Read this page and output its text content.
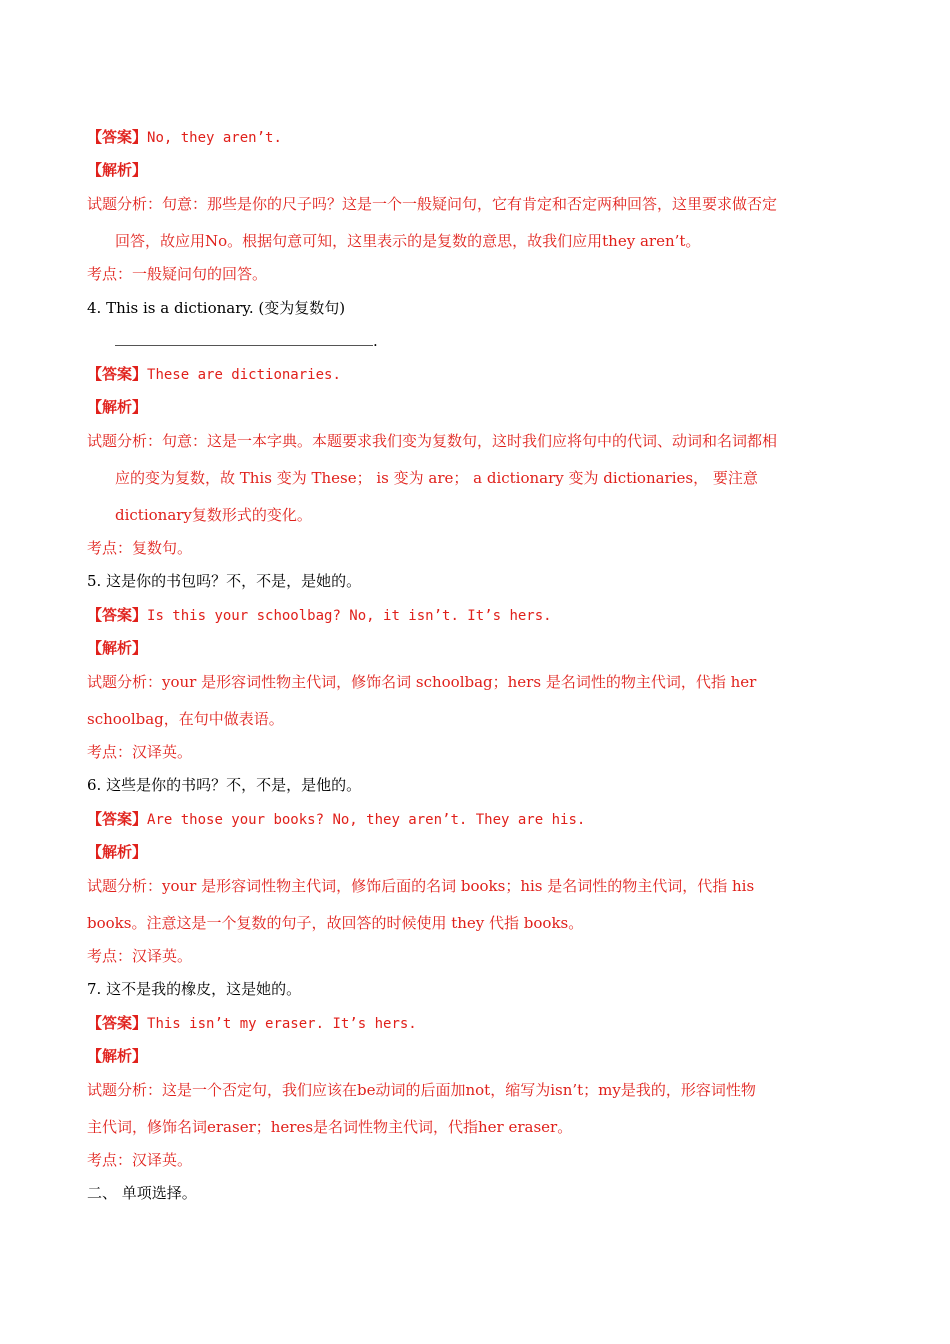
【答案】No, they aren’t.
【解析】
试题分析：句意：那些是你的尺子吗？这是一个一般疑问句，它有肯定和否定两种回答，这里要求做否定
回答，故应用No。根据句意可知，这里表示的是复数的意思，故我们应用they aren’t。
考点：一般疑问句的回答。
4. This is a dictionary. (变为复数句)
.
【答案】These are dictionaries.
【解析】
试题分析：句意：这是一本字典。本题要求我们变为复数句，这时我们应将句中的代词、动词和名词都相
应的变为复数，故 This 变为 These； is 变为 are； a dictionary 变为 dictionaries， 要注意
dictionary复数形式的变化。
考点：复数句。
5. 这是你的书包吗？不，不是，是她的。
【答案】Is this your schoolbag? No, it isn’t. It’s hers.
【解析】
试题分析：your 是形容词性物主代词，修饰名词 schoolbag；hers 是名词性的物主代词，代指 her
schoolbag，在句中做表语。
考点：汉译英。
6. 这些是你的书吗？不，不是，是他的。
【答案】Are those your books? No, they aren’t. They are his.
【解析】
试题分析：your 是形容词性物主代词，修饰后面的名词 books；his 是名词性的物主代词，代指 his
books。注意这是一个复数的句子，故回答的时候使用 they 代指 books。
考点：汉译英。
7. 这不是我的橡皮，这是她的。
【答案】This isn’t my eraser. It’s hers.
【解析】
试题分析：这是一个否定句，我们应该在be动词的后面加not，缩写为isn’t；my是我的，形容词性物
主代词，修饰名词eraser；heres是名词性物主代词，代指her eraser。
考点：汉译英。
二、 单项选择。
